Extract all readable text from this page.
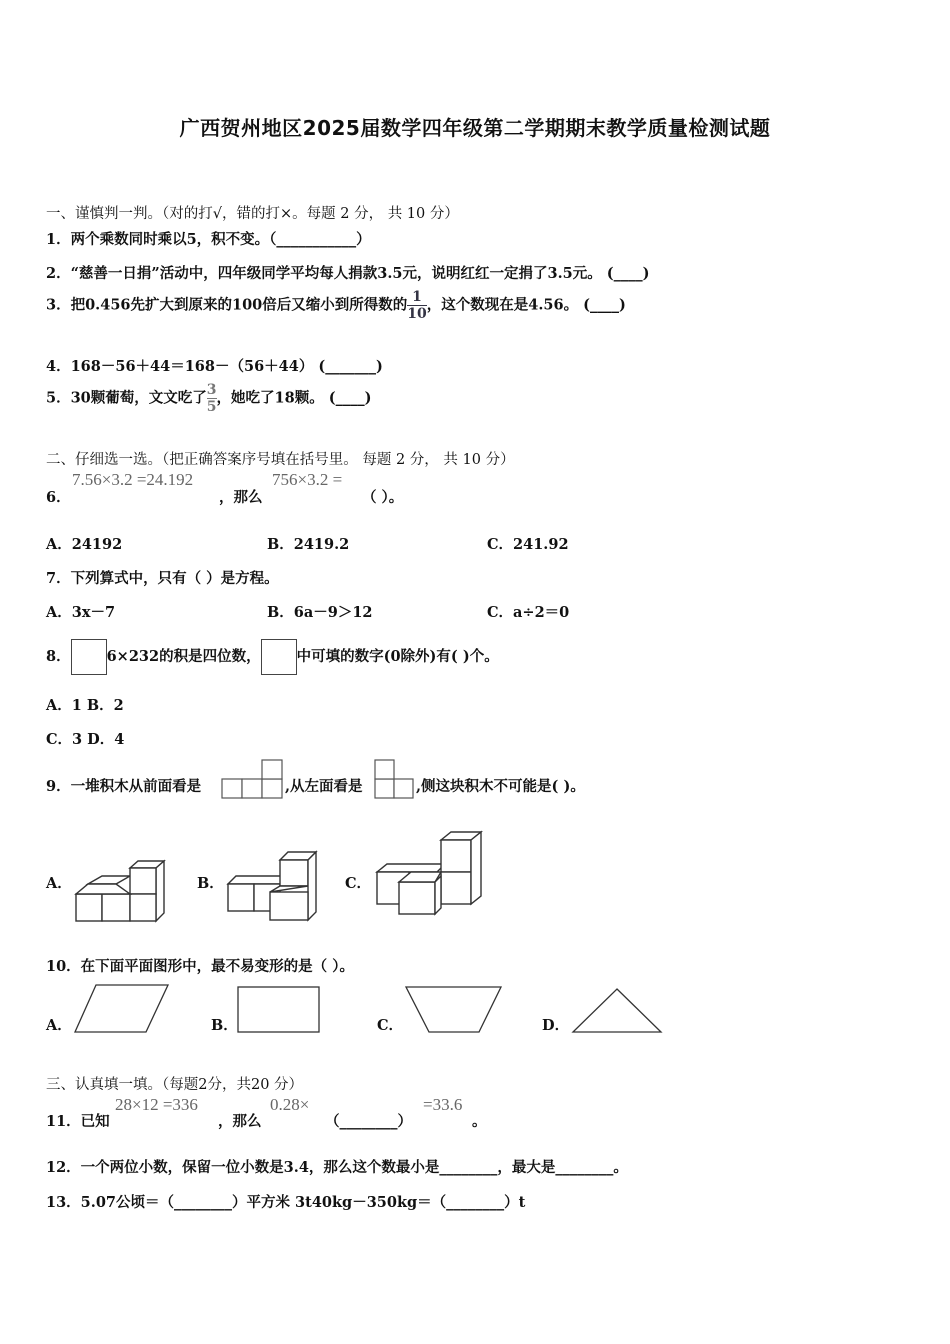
广西贺州地区2025届数学四年级第二学期期末教学质量检测试题
一、谨慎判一判。（对的打√，错的打×。每题 2 分， 共 10 分）
1．两个乘数同时乘以5，积不变。（___________）
2．“慈善一日捐”活动中，四年级同学平均每人捐款3.5元，说明红红一定捐了3.5元。 (____)
3．把0.456先扩大到原来的100倍后又缩小到所得数的 $\frac{1}{10}$ ，这个数现在是4.56。 (____)
4．168－56＋44＝168－（56＋44） (_______)
5．30颗葡萄，文文吃了 $\frac{3}{5}$ ，她吃了18颗。 (____)
二、仔细选一选。（把正确答案序号填在括号里。 每题 2 分， 共 10 分）
6．
7.56×3.2 =24.192
，那么
756×3.2 =
（ ）。
A．24192	B．2419.2	C．241.92
7．下列算式中，只有（ ）是方程。
A．3x－7	B．6a－9＞12	C．a÷2＝0
8． 6×232的积是四位数， 中可填的数字(0除外)有( )个。
A．1 B．2
C．3 D．4
9．一堆积木从前面看是	,从左面看是	,侧这块积木不可能是( )。
A．	B．	C．
10．在下面平面图形中，最不易变形的是（ ）。
A．	B．	C．	D．
三、认真填一填。（每题2分，共20 分）
11．已知
28×12 =336
，那么
0.28×
（________）
=33.6
。
12．一个两位小数，保留一位小数是3.4，那么这个数最小是________，最大是________。
13．5.07公顷＝（________）平方米 3t40kg－350kg＝（________）t
